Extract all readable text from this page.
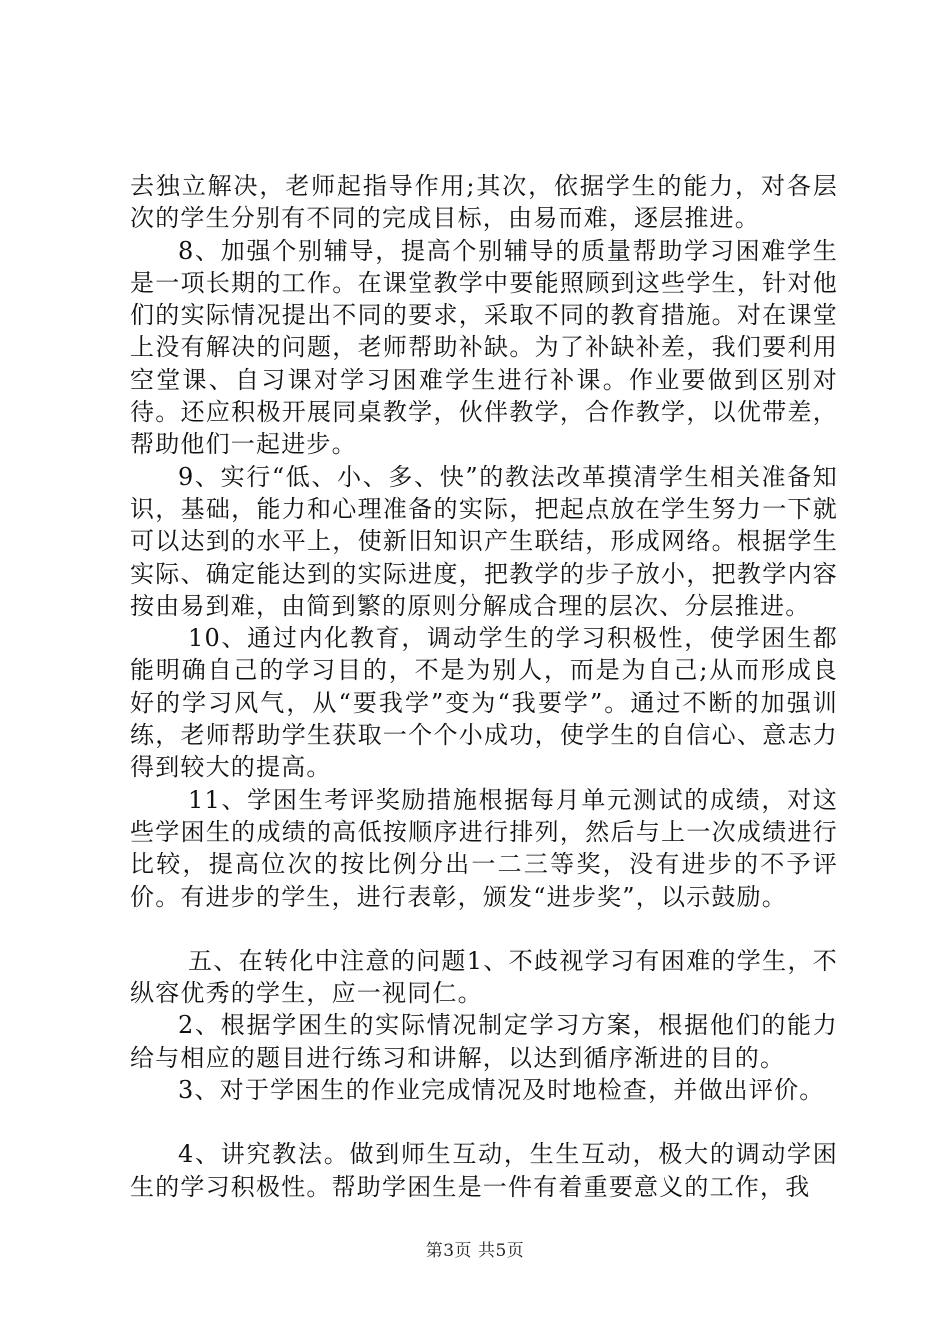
去独立解决，老师起指导作用;其次，依据学生的能力，对各层次的学生分别有不同的完成目标，由易而难，逐层推进。

8、加强个别辅导，提高个别辅导的质量帮助学习困难学生是一项长期的工作。在课堂教学中要能照顾到这些学生，针对他们的实际情况提出不同的要求，采取不同的教育措施。对在课堂上没有解决的问题，老师帮助补缺。为了补缺补差，我们要利用空堂课、自习课对学习困难学生进行补课。作业要做到区别对待。还应积极开展同桌教学，伙伴教学，合作教学，以优带差，帮助他们一起进步。

9、实行“低、小、多、快”的教法改革摸清学生相关准备知识，基础，能力和心理准备的实际，把起点放在学生努力一下就可以达到的水平上，使新旧知识产生联结，形成网络。根据学生实际、确定能达到的实际进度，把教学的步子放小，把教学内容按由易到难，由简到繁的原则分解成合理的层次、分层推进。

10、通过内化教育，调动学生的学习积极性，使学困生都能明确自己的学习目的，不是为别人，而是为自己;从而形成良好的学习风气，从“要我学”变为“我要学”。通过不断的加强训练，老师帮助学生获取一个个小成功，使学生的自信心、意志力得到较大的提高。

11、学困生考评奖励措施根据每月单元测试的成绩，对这些学困生的成绩的高低按顺序进行排列，然后与上一次成绩进行比较，提高位次的按比例分出一二三等奖，没有进步的不予评价。有进步的学生，进行表彰，颁发“进步奖”，以示鼓励。

五、在转化中注意的问题1、不歧视学习有困难的学生，不纵容优秀的学生，应一视同仁。

2、根据学困生的实际情况制定学习方案，根据他们的能力给与相应的题目进行练习和讲解，以达到循序渐进的目的。

3、对于学困生的作业完成情况及时地检查，并做出评价。

4、讲究教法。做到师生互动，生生互动，极大的调动学困生的学习积极性。帮助学困生是一件有着重要意义的工作，我

第3页 共5页
